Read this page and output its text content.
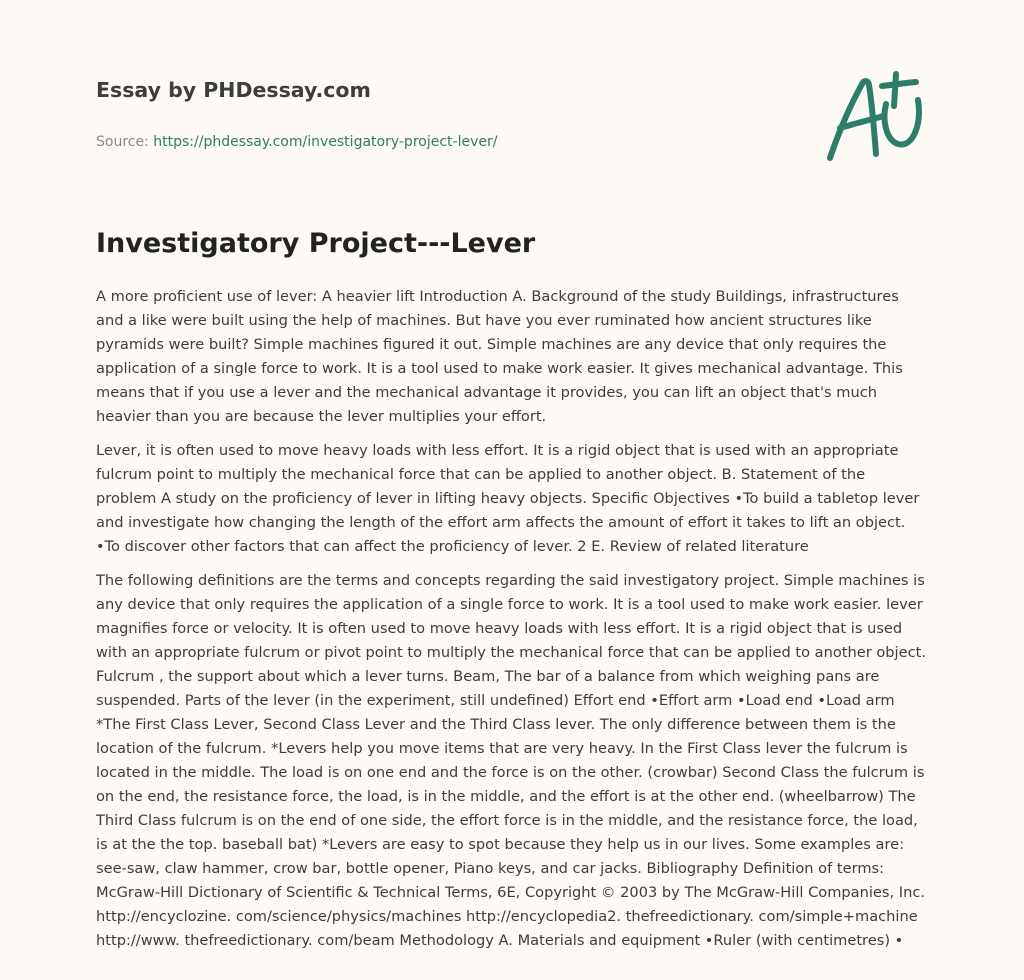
Essay by PHDessay.com
Source: https://phdessay.com/investigatory-project-lever/
Investigatory Project---Lever

A more proficient use of lever: A heavier lift Introduction A. Background of the study Buildings, infrastructures and a like were built using the help of machines. But have you ever ruminated how ancient structures like pyramids were built? Simple machines figured it out. Simple machines are any device that only requires the application of a single force to work. It is a tool used to make work easier. It gives mechanical advantage. This means that if you use a lever and the mechanical advantage it provides, you can lift an object that's much heavier than you are because the lever multiplies your effort.

Lever, it is often used to move heavy loads with less effort. It is a rigid object that is used with an appropriate fulcrum point to multiply the mechanical force that can be applied to another object. B. Statement of the problem A study on the proficiency of lever in lifting heavy objects. Specific Objectives •To build a tabletop lever and investigate how changing the length of the effort arm affects the amount of effort it takes to lift an object. •To discover other factors that can affect the proficiency of lever. 2 E. Review of related literature

The following definitions are the terms and concepts regarding the said investigatory project. Simple machines is any device that only requires the application of a single force to work. It is a tool used to make work easier. lever magnifies force or velocity. It is often used to move heavy loads with less effort. It is a rigid object that is used with an appropriate fulcrum or pivot point to multiply the mechanical force that can be applied to another object. Fulcrum , the support about which a lever turns. Beam, The bar of a balance from which weighing pans are suspended. Parts of the lever (in the experiment, still undefined) Effort end •Effort arm •Load end •Load arm *The First Class Lever, Second Class Lever and the Third Class lever. The only difference between them is the location of the fulcrum. *Levers help you move items that are very heavy. In the First Class lever the fulcrum is located in the middle. The load is on one end and the force is on the other. (crowbar) Second Class the fulcrum is on the end, the resistance force, the load, is in the middle, and the effort is at the other end. (wheelbarrow) The Third Class fulcrum is on the end of one side, the effort force is in the middle, and the resistance force, the load, is at the the top. baseball bat) *Levers are easy to spot because they help us in our lives. Some examples are: see-saw, claw hammer, crow bar, bottle opener, Piano keys, and car jacks. Bibliography Definition of terms: McGraw-Hill Dictionary of Scientific & Technical Terms, 6E, Copyright © 2003 by The McGraw-Hill Companies, Inc. http://encyclozine. com/science/physics/machines http://encyclopedia2. thefreedictionary. com/simple+machine http://www. thefreedictionary. com/beam Methodology A. Materials and equipment •Ruler (with centimetres) •
